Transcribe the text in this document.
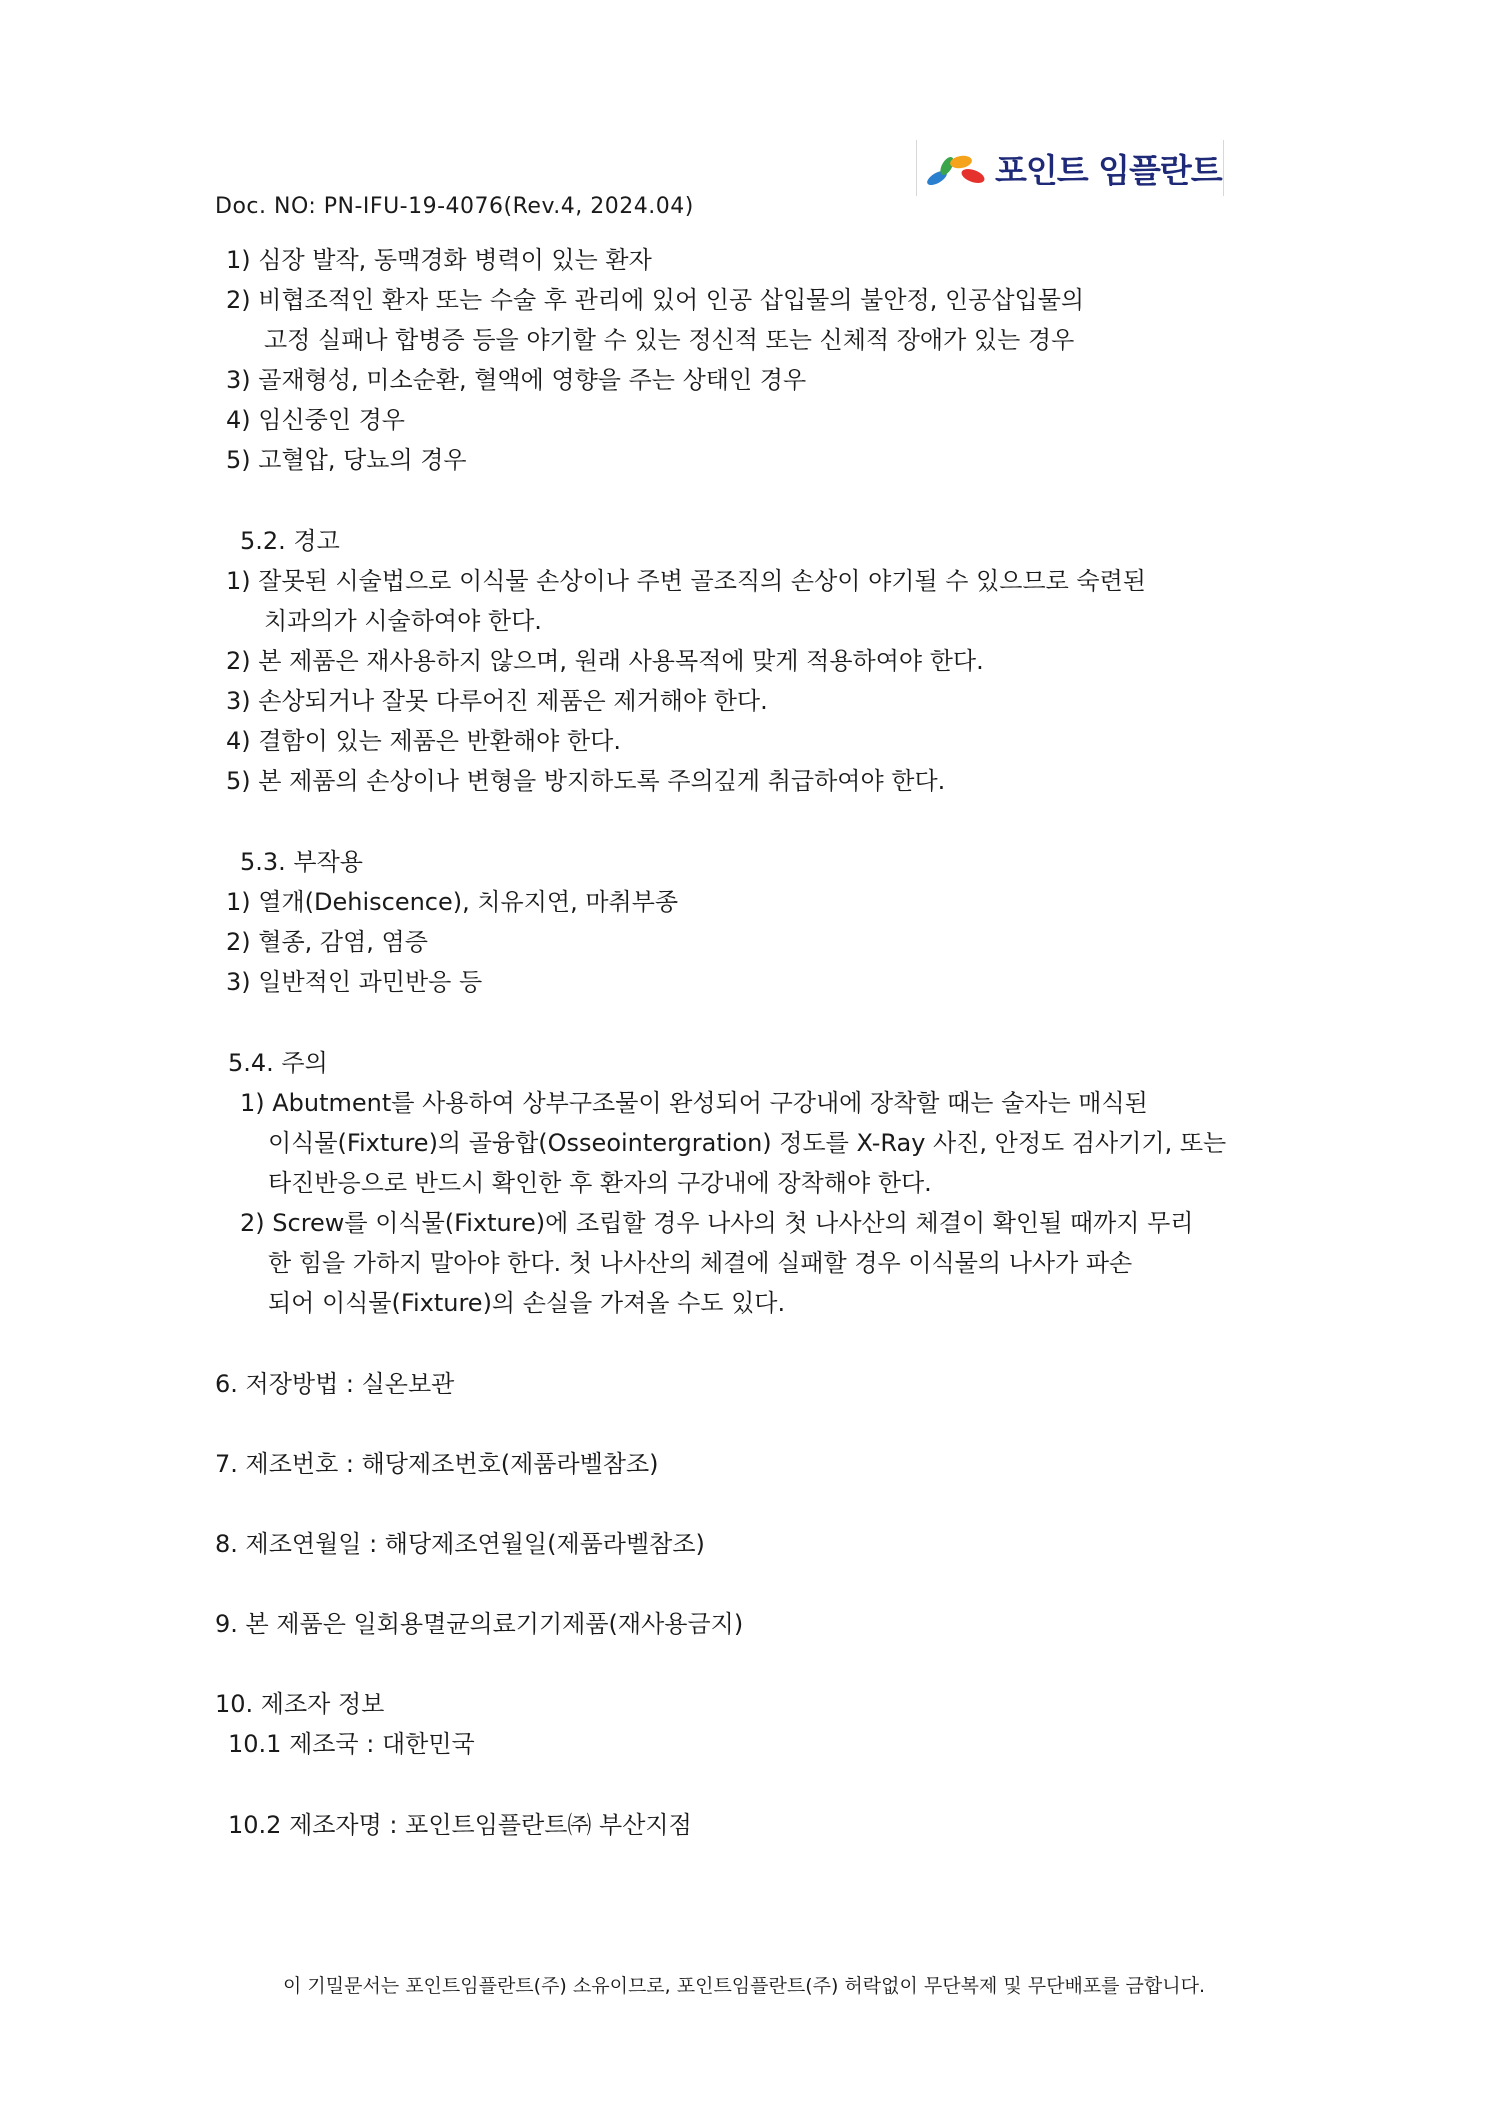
포인트 임플란트
Doc. NO: PN-IFU-19-4076(Rev.4, 2024.04)
1) 심장 발작, 동맥경화 병력이 있는 환자
2) 비협조적인 환자 또는 수술 후 관리에 있어 인공 삽입물의 불안정, 인공삽입물의
고정 실패나 합병증 등을 야기할 수 있는 정신적 또는 신체적 장애가 있는 경우
3) 골재형성, 미소순환, 혈액에 영향을 주는 상태인 경우
4) 임신중인 경우
5) 고혈압, 당뇨의 경우
5.2. 경고
1) 잘못된 시술법으로 이식물 손상이나 주변 골조직의 손상이 야기될 수 있으므로 숙련된
치과의가 시술하여야 한다.
2) 본 제품은 재사용하지 않으며, 원래 사용목적에 맞게 적용하여야 한다.
3) 손상되거나 잘못 다루어진 제품은 제거해야 한다.
4) 결함이 있는 제품은 반환해야 한다.
5) 본 제품의 손상이나 변형을 방지하도록 주의깊게 취급하여야 한다.
5.3. 부작용
1) 열개(Dehiscence), 치유지연, 마취부종
2) 혈종, 감염, 염증
3) 일반적인 과민반응 등
5.4. 주의
1) Abutment를 사용하여 상부구조물이 완성되어 구강내에 장착할 때는 술자는 매식된
이식물(Fixture)의 골융합(Osseointergration) 정도를 X-Ray 사진, 안정도 검사기기, 또는
타진반응으로 반드시 확인한 후 환자의 구강내에 장착해야 한다.
2) Screw를 이식물(Fixture)에 조립할 경우 나사의 첫 나사산의 체결이 확인될 때까지 무리
한 힘을 가하지 말아야 한다. 첫 나사산의 체결에 실패할 경우 이식물의 나사가 파손
되어 이식물(Fixture)의 손실을 가져올 수도 있다.
6. 저장방법 : 실온보관
7. 제조번호 : 해당제조번호(제품라벨참조)
8. 제조연월일 : 해당제조연월일(제품라벨참조)
9. 본 제품은 일회용멸균의료기기제품(재사용금지)
10. 제조자 정보
10.1 제조국 : 대한민국
10.2 제조자명 : 포인트임플란트㈜ 부산지점
이 기밀문서는 포인트임플란트(주) 소유이므로, 포인트임플란트(주) 허락없이 무단복제 및 무단배포를 금합니다.
